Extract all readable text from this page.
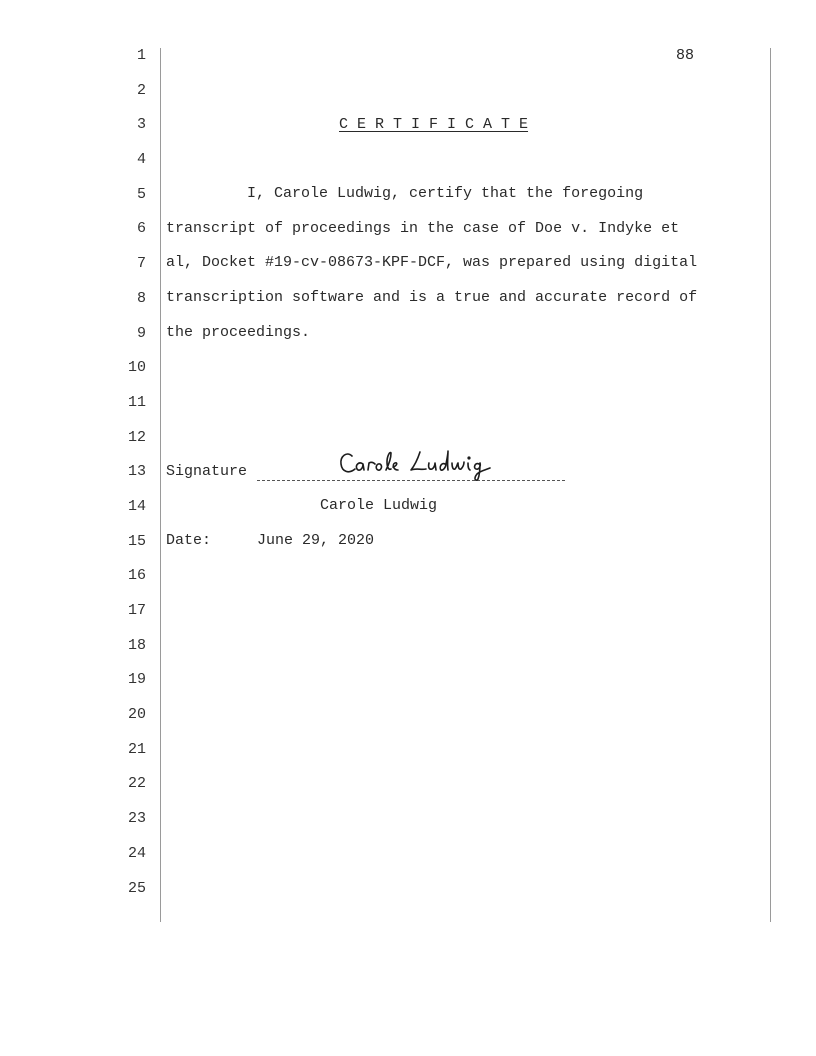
1
2
3
4
5
6
7
8
9
10
11
12
13
14
15
16
17
18
19
20
21
22
23
24
25
88
C E R T I F I C A T E
I, Carole Ludwig, certify that the foregoing
transcript of proceedings in the case of Doe v. Indyke et
al, Docket #19-cv-08673-KPF-DCF, was prepared using digital
transcription software and is a true and accurate record of
the proceedings.
Signature
Carole Ludwig
Date:	June 29, 2020
